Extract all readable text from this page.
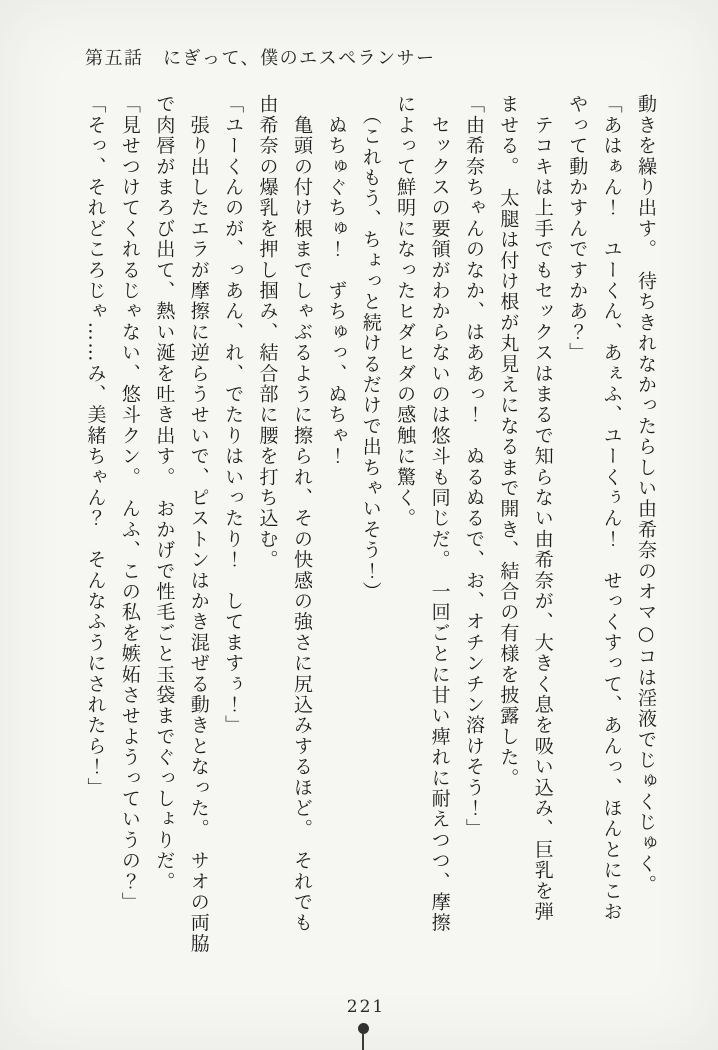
第五話　にぎって、僕のエスペランサー
動きを繰り出す。　待ちきれなかったらしい由希奈のオマ○コは淫液でじゅくじゅく。
「あはぁん！　ユーくん、あぇふ、ユーくぅん！　せっくすって、あんっ、ほんとにこお
やって動かすんですかあ？」
　テコキは上手でもセックスはまるで知らない由希奈が、大きく息を吸い込み、巨乳を弾
ませる。　太腿は付け根が丸見えになるまで開き、結合の有様を披露した。
「由希奈ちゃんのなか、はああっ！　ぬるぬるで、お、オチンチン溶けそう！」
　セックスの要領がわからないのは悠斗も同じだ。　一回ごとに甘い痺れに耐えつつ、摩擦
によって鮮明になったヒダヒダの感触に驚く。
　（これもう、ちょっと続けるだけで出ちゃいそう！）
　ぬちゅぐちゅ！　ずちゅっ、ぬちゃ！
　亀頭の付け根までしゃぶるように擦られ、その快感の強さに尻込みするほど。　それでも
由希奈の爆乳を押し掴み、結合部に腰を打ち込む。
「ユーくんのが、っあん、れ、でたりはいったり！　してますぅ！」
　張り出したエラが摩擦に逆らうせいで、ピストンはかき混ぜる動きとなった。　サオの両脇
で肉唇がまろび出て、熱い涎を吐き出す。　おかげで性毛ごと玉袋までぐっしょりだ。
「見せつけてくれるじゃない、悠斗クン。　んふ、この私を嫉妬させようっていうの？」
「そっ、それどころじゃ……み、美緒ちゃん？　そんなふうにされたら！」
221
